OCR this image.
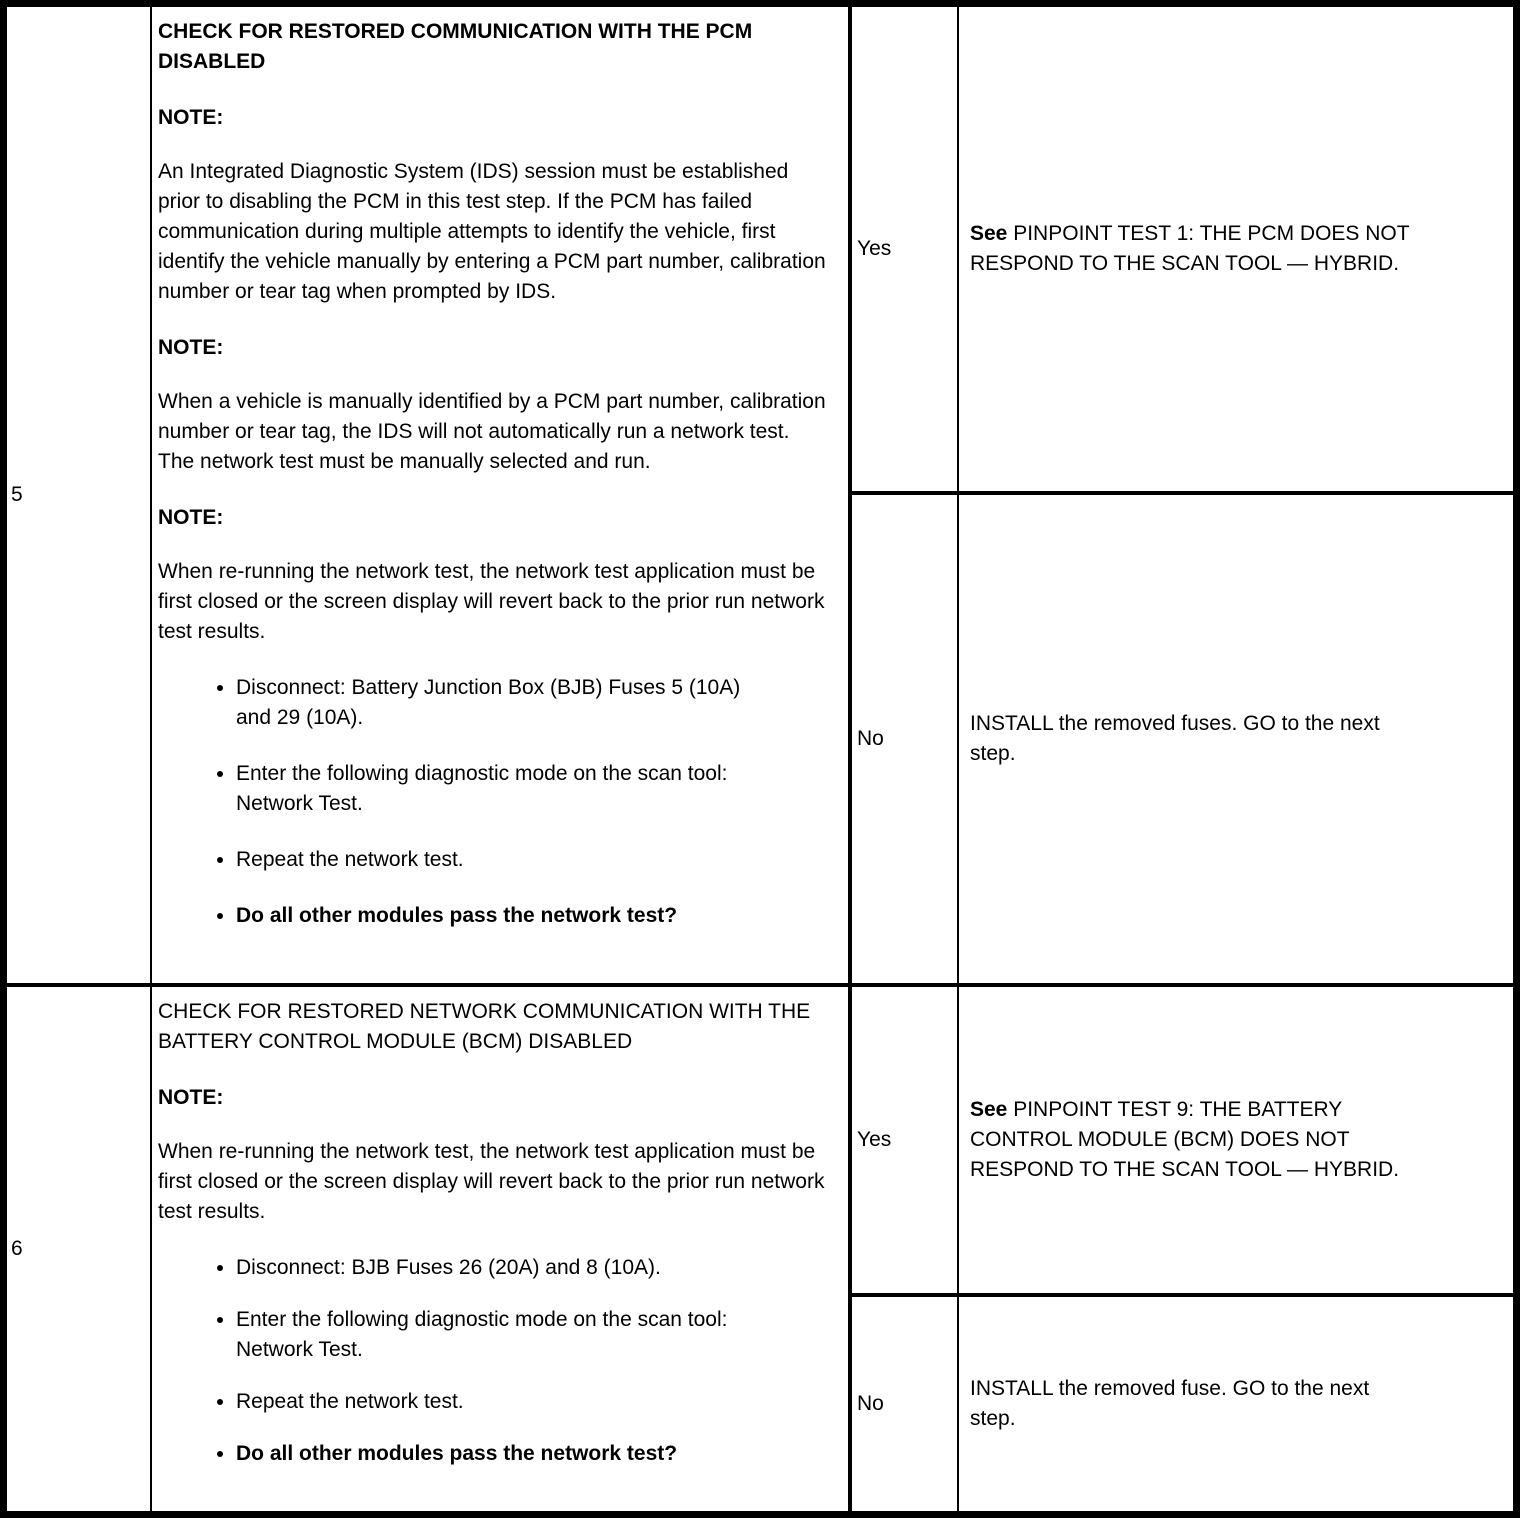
5

CHECK FOR RESTORED COMMUNICATION WITH THE PCM DISABLED

NOTE:

An Integrated Diagnostic System (IDS) session must be established prior to disabling the PCM in this test step. If the PCM has failed communication during multiple attempts to identify the vehicle, first identify the vehicle manually by entering a PCM part number, calibration number or tear tag when prompted by IDS.

NOTE:

When a vehicle is manually identified by a PCM part number, calibration number or tear tag, the IDS will not automatically run a network test. The network test must be manually selected and run.

NOTE:

When re-running the network test, the network test application must be first closed or the screen display will revert back to the prior run network test results.

• Disconnect: Battery Junction Box (BJB) Fuses 5 (10A) and 29 (10A).
• Enter the following diagnostic mode on the scan tool: Network Test.
• Repeat the network test.
• Do all other modules pass the network test?
Yes
See PINPOINT TEST 1: THE PCM DOES NOT
RESPOND TO THE SCAN TOOL — HYBRID.
No
INSTALL the removed fuses. GO to the next
step.
6

CHECK FOR RESTORED NETWORK COMMUNICATION WITH THE BATTERY CONTROL MODULE (BCM) DISABLED

NOTE:

When re-running the network test, the network test application must be first closed or the screen display will revert back to the prior run network test results.

• Disconnect: BJB Fuses 26 (20A) and 8 (10A).
• Enter the following diagnostic mode on the scan tool: Network Test.
• Repeat the network test.
• Do all other modules pass the network test?
Yes
See PINPOINT TEST 9: THE BATTERY
CONTROL MODULE (BCM) DOES NOT
RESPOND TO THE SCAN TOOL — HYBRID.
No
INSTALL the removed fuse. GO to the next
step.
